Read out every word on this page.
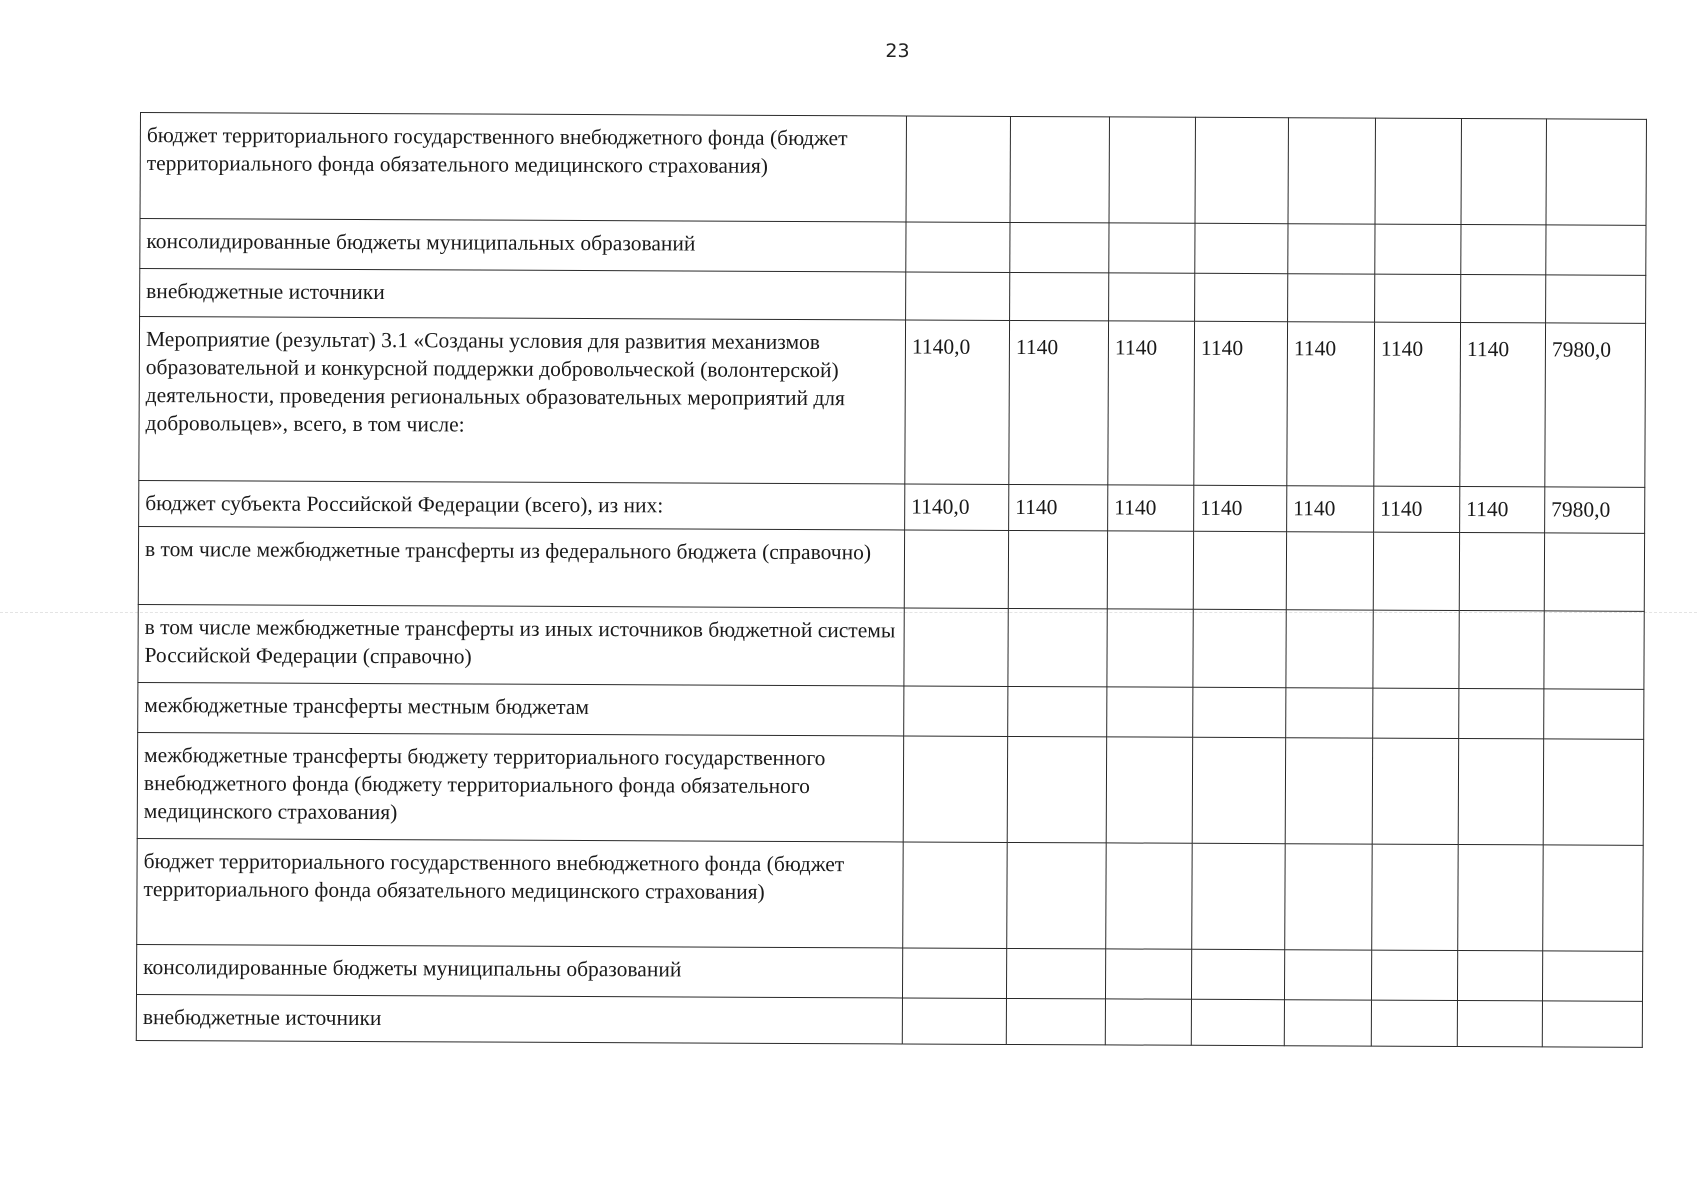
23
бюджет территориального государственного внебюджетного фонда (бюджет территориального фонда обязательного медицинского страхования)								
консолидированные бюджеты муниципальных образований								
внебюджетные источники								
Мероприятие (результат) 3.1 «Созданы условия для развития механизмов образовательной и конкурсной поддержки добровольческой (волонтерской) деятельности, проведения региональных образовательных мероприятий для добровольцев», всего, в том числе:	1140,0	1140	1140	1140	1140	1140	1140	7980,0
бюджет субъекта Российской Федерации (всего), из них:	1140,0	1140	1140	1140	1140	1140	1140	7980,0
в том числе межбюджетные трансферты из федерального бюджета (справочно)								
в том числе межбюджетные трансферты из иных источников бюджетной системы Российской Федерации (справочно)								
межбюджетные трансферты местным бюджетам								
межбюджетные трансферты бюджету территориального государственного внебюджетного фонда (бюджету территориального фонда обязательного медицинского страхования)								
бюджет территориального государственного внебюджетного фонда (бюджет территориального фонда обязательного медицинского страхования)								
консолидированные бюджеты муниципальны образований								
внебюджетные источники								
